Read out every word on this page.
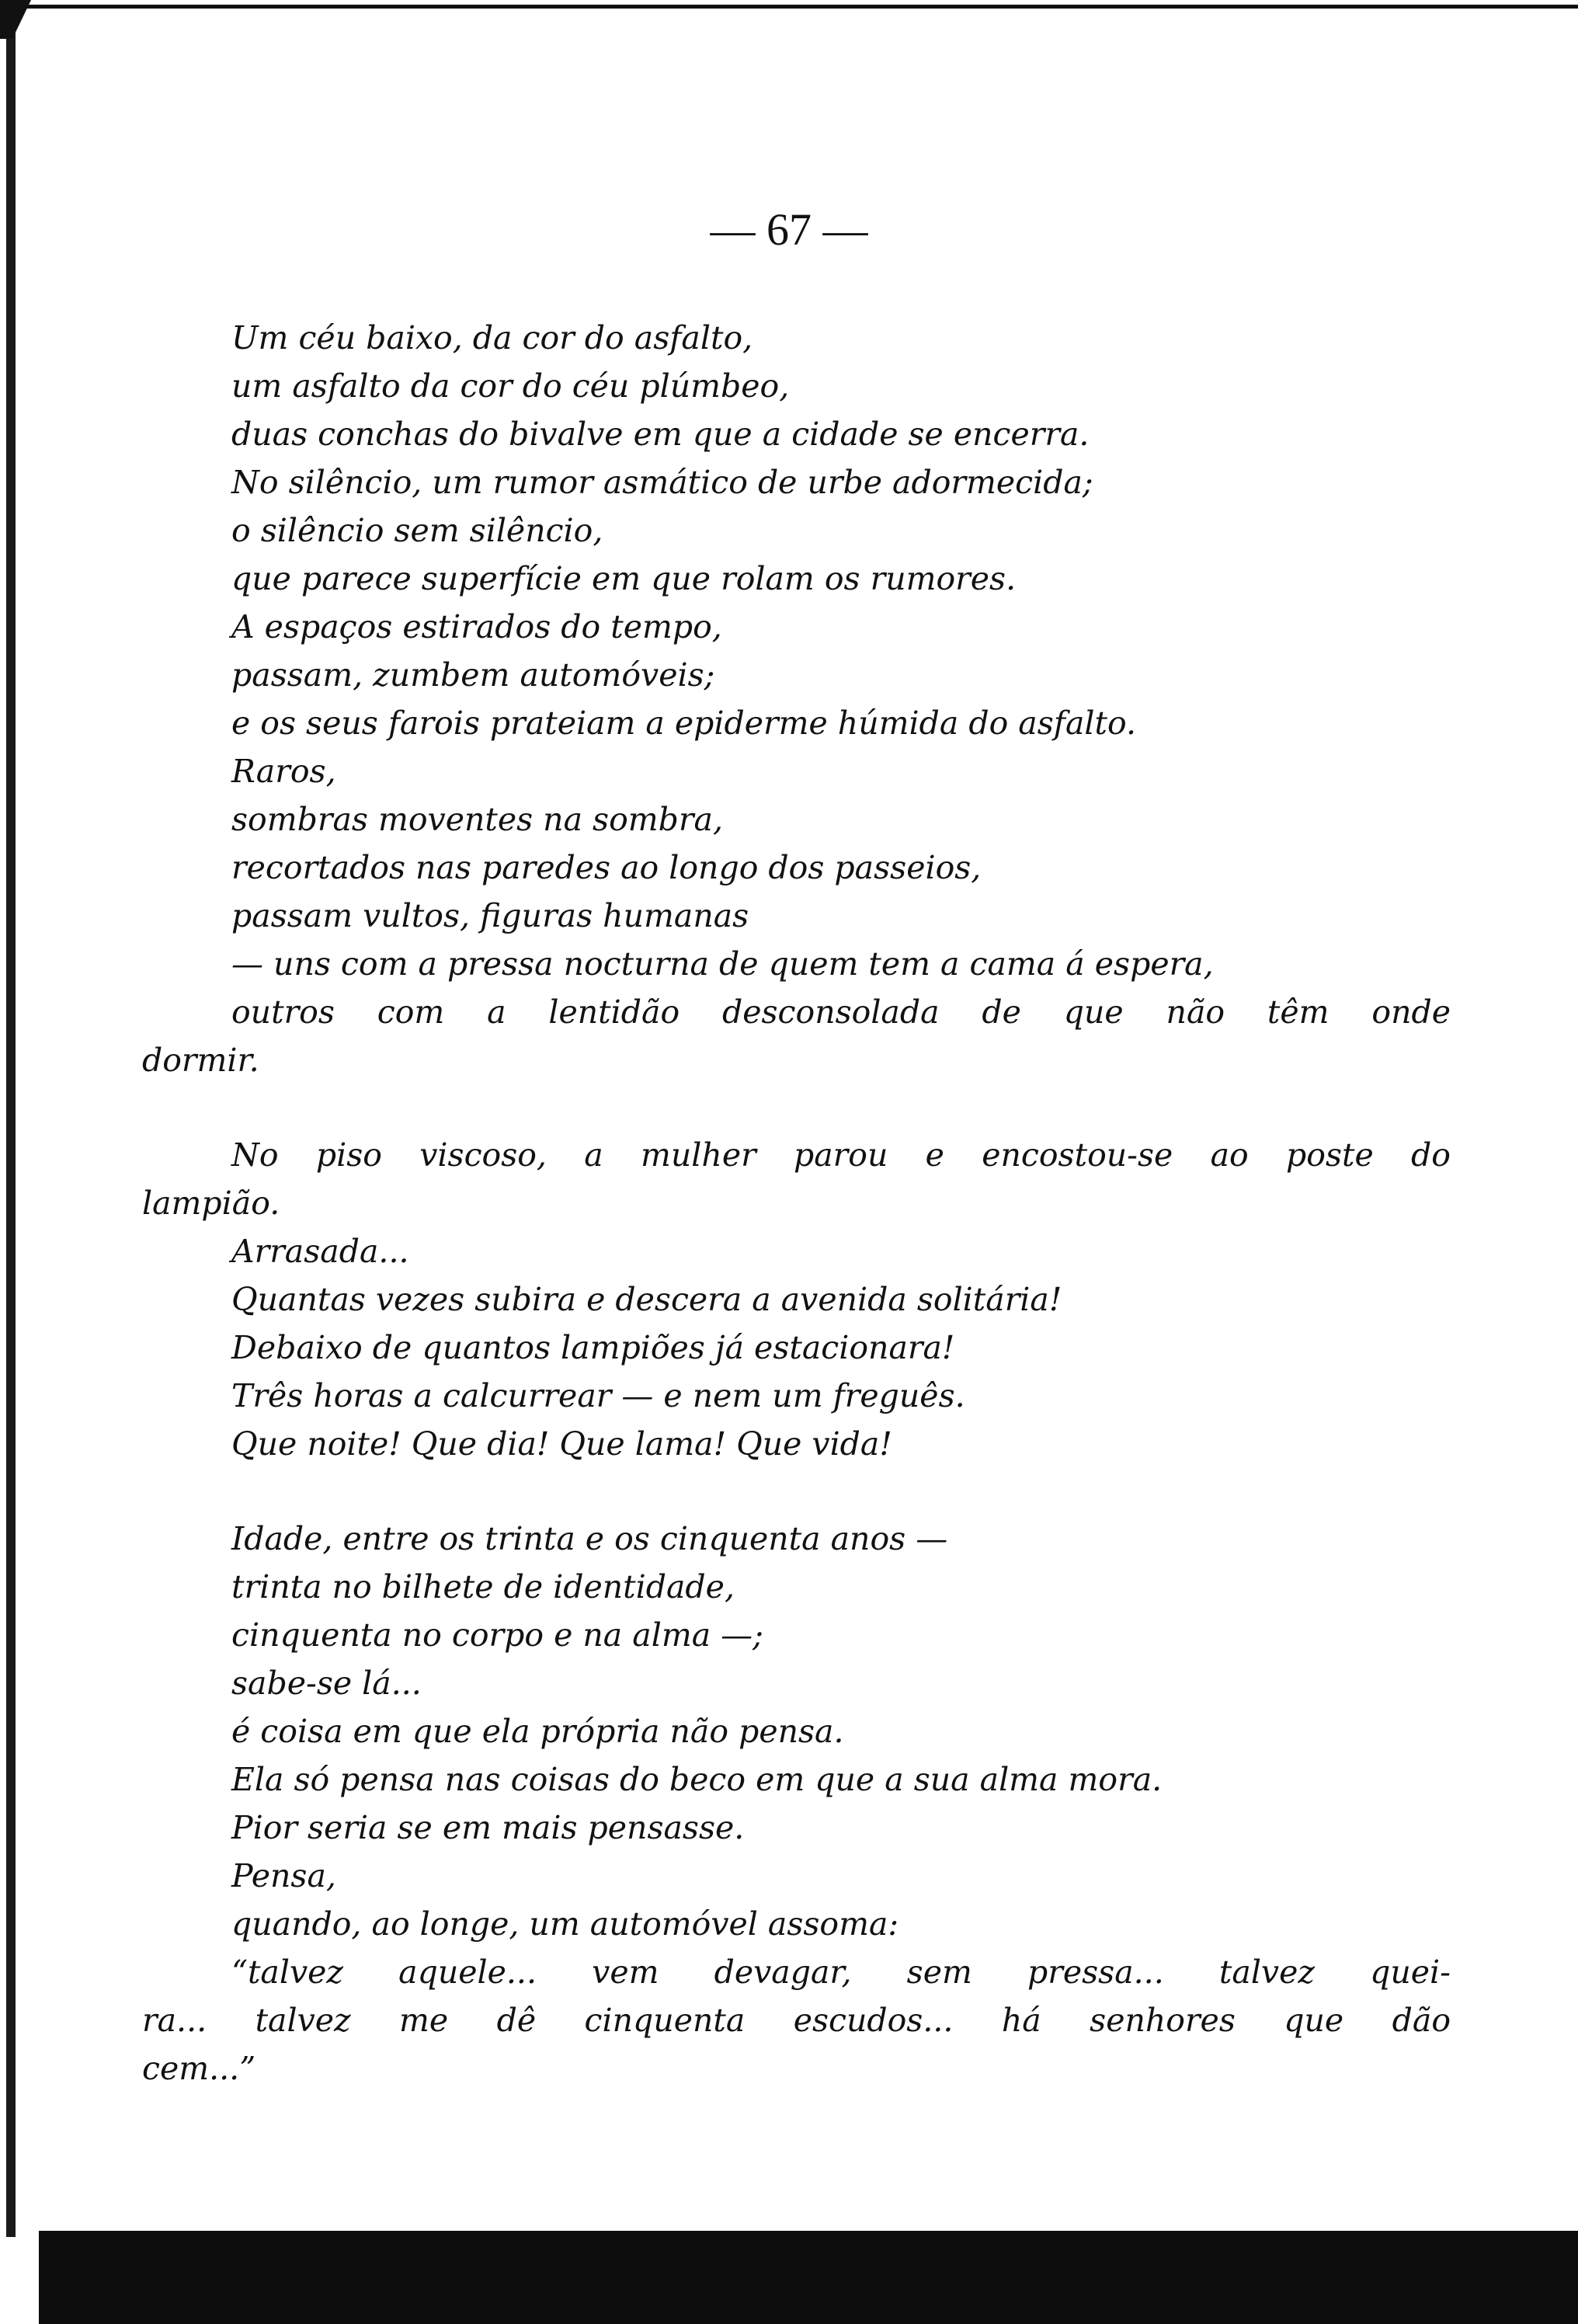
— 67 —
Um céu baixo, da cor do asfalto,
um asfalto da cor do céu plúmbeo,
duas conchas do bivalve em que a cidade se encerra.
No silêncio, um rumor asmático de urbe adormecida;
o silêncio sem silêncio,
que parece superfície em que rolam os rumores.
A espaços estirados do tempo,
passam, zumbem automóveis;
e os seus farois prateiam a epiderme húmida do asfalto.
Raros,
sombras moventes na sombra,
recortados nas paredes ao longo dos passeios,
passam vultos, figuras humanas
— uns com a pressa nocturna de quem tem a cama á espera,
outros com a lentidão desconsolada de que não têm onde
dormir.
No piso viscoso, a mulher parou e encostou-se ao poste do
lampião.
Arrasada...
Quantas vezes subira e descera a avenida solitária!
Debaixo de quantos lampiões já estacionara!
Três horas a calcurrear — e nem um freguês.
Que noite! Que dia! Que lama! Que vida!
Idade, entre os trinta e os cinquenta anos —
trinta no bilhete de identidade,
cinquenta no corpo e na alma —;
sabe-se lá...
é coisa em que ela própria não pensa.
Ela só pensa nas coisas do beco em que a sua alma mora.
Pior seria se em mais pensasse.
Pensa,
quando, ao longe, um automóvel assoma:
“talvez aquele... vem devagar, sem pressa... talvez quei-
ra... talvez me dê cinquenta escudos... há senhores que dão
cem...”
